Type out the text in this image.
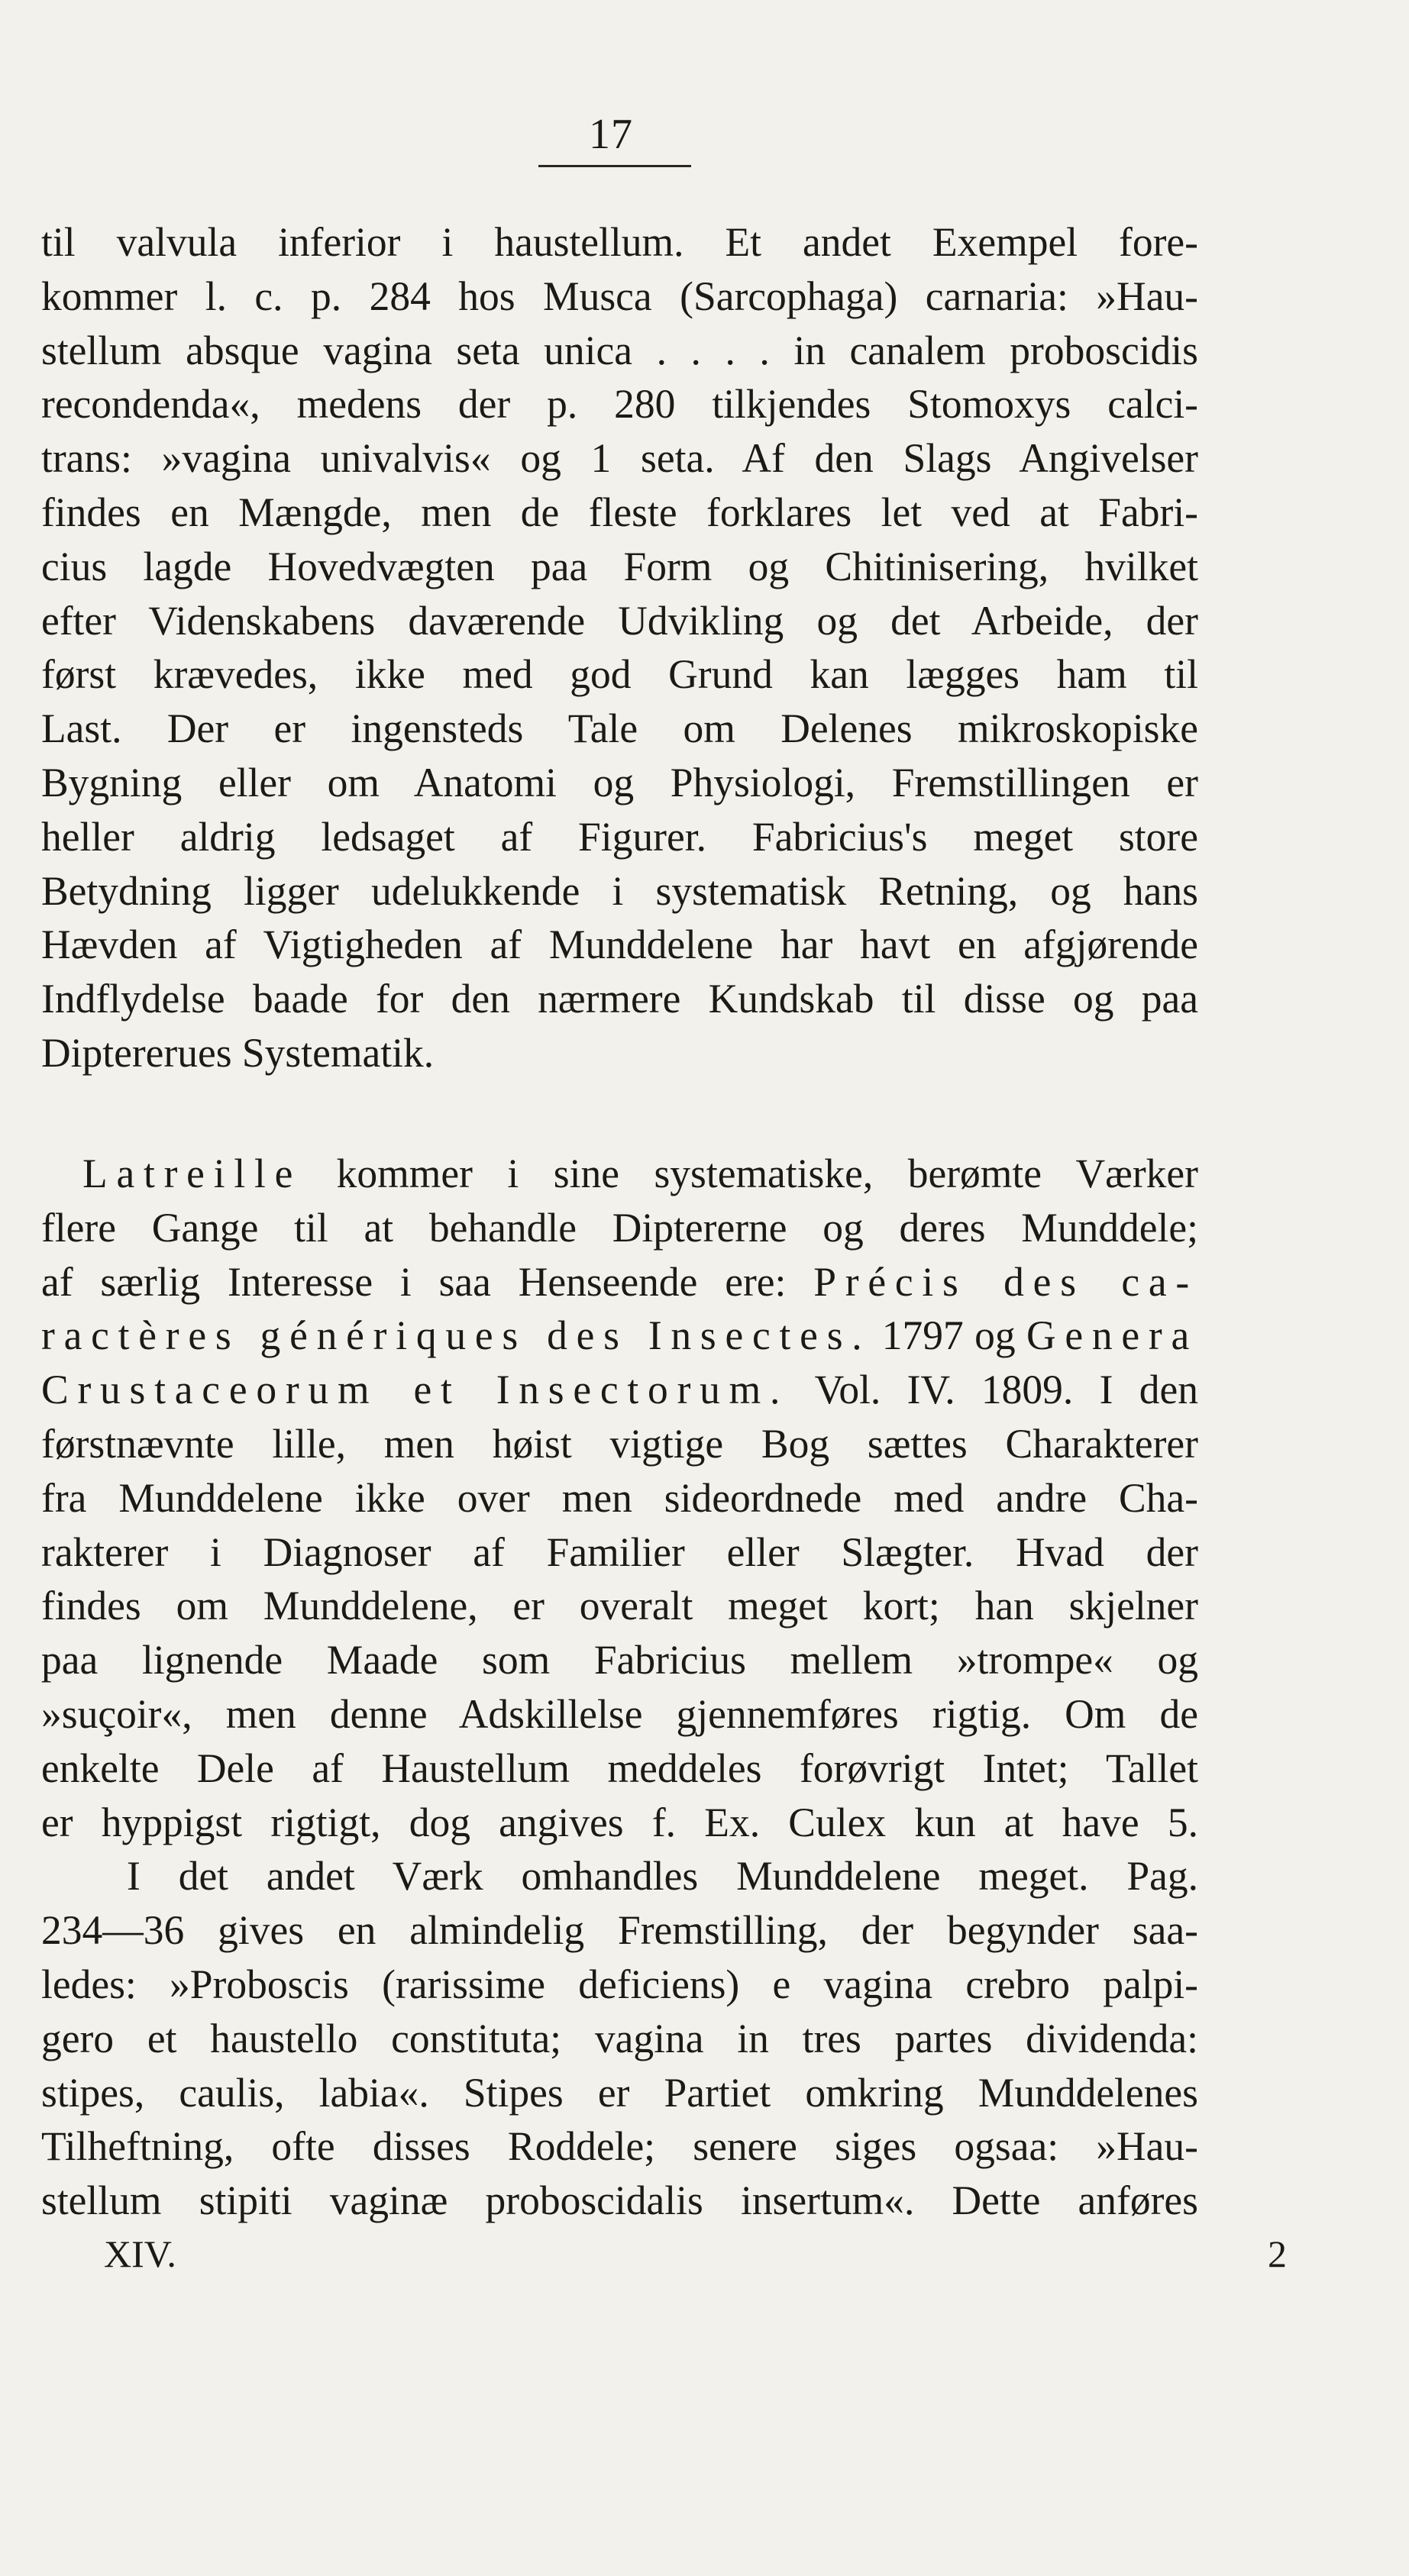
17
til valvula inferior i haustellum. Et andet Exempel fore-
kommer l. c. p. 284 hos Musca (Sarcophaga) carnaria: »Hau-
stellum absque vagina seta unica . . . . in canalem proboscidis
recondenda«, medens der p. 280 tilkjendes Stomoxys calci-
trans: »vagina univalvis« og 1 seta. Af den Slags Angivelser
findes en Mængde, men de fleste forklares let ved at Fabri-
cius lagde Hovedvægten paa Form og Chitinisering, hvilket
efter Videnskabens daværende Udvikling og det Arbeide, der
først krævedes, ikke med god Grund kan lægges ham til
Last. Der er ingensteds Tale om Delenes mikroskopiske
Bygning eller om Anatomi og Physiologi, Fremstillingen er
heller aldrig ledsaget af Figurer. Fabricius's meget store
Betydning ligger udelukkende i systematisk Retning, og hans
Hævden af Vigtigheden af Munddelene har havt en afgjørende
Indflydelse baade for den nærmere Kundskab til disse og paa
Diptererues Systematik.
Latreille kommer i sine systematiske, berømte Værker
flere Gange til at behandle Diptererne og deres Munddele;
af særlig Interesse i saa Henseende ere: Précis des ca-
ractères génériques des Insectes. 1797 og Genera
Crustaceorum et Insectorum. Vol. IV. 1809. I den
førstnævnte lille, men høist vigtige Bog sættes Charakterer
fra Munddelene ikke over men sideordnede med andre Cha-
rakterer i Diagnoser af Familier eller Slægter. Hvad der
findes om Munddelene, er overalt meget kort; han skjelner
paa lignende Maade som Fabricius mellem »trompe« og
»suçoir«, men denne Adskillelse gjennemføres rigtig. Om de
enkelte Dele af Haustellum meddeles forøvrigt Intet; Tallet
er hyppigst rigtigt, dog angives f. Ex. Culex kun at have 5.
I det andet Værk omhandles Munddelene meget. Pag.
234—36 gives en almindelig Fremstilling, der begynder saa-
ledes: »Proboscis (rarissime deficiens) e vagina crebro palpi-
gero et haustello constituta; vagina in tres partes dividenda:
stipes, caulis, labia«. Stipes er Partiet omkring Munddelenes
Tilheftning, ofte disses Roddele; senere siges ogsaa: »Hau-
stellum stipiti vaginæ proboscidalis insertum«. Dette anføres
XIV.	2
